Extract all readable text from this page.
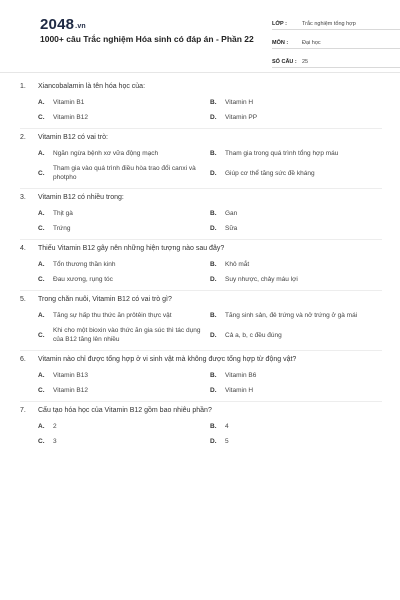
2048.vn
1000+ câu Trắc nghiệm Hóa sinh có đáp án - Phần 22
LỚP :	Trắc nghiệm tổng hợp
MÔN :	Đại học
SỐ CÂU : 25
1.	Xiancobalamin là tên hóa học của:
A.	Vitamin B1	B.	Vitamin H
C.	Vitamin B12	D.	Vitamin PP
2.	Vitamin B12 có vai trò:
A.	Ngăn ngừa bệnh xơ vữa động mạch	B.	Tham gia trong quá trình tổng hợp máu
C.
Tham gia vào quá trình điều hòa trao đổi canxi và photpho
D.	Giúp cơ thể tăng sức đề kháng
3.	Vitamin B12 có nhiều trong:
A.	Thịt gà	B.	Gan
C.	Trứng	D.	Sữa
4.	Thiếu Vitamin B12 gây nên những hiện tượng nào sau đây?
A.	Tổn thương thần kinh	B.	Khô mắt
C.	Đau xương, rụng tóc	D.	Suy nhược, chảy máu lợi
5.	Trong chăn nuôi, Vitamin B12 có vai trò gì?
A.	Tăng sự hấp thu thức ăn prôtêin thực vật	B.	Tăng sinh sản, đẻ trứng và nở trứng ở gà mái
C.
Khi cho một bioxin vào thức ăn gia súc thì tác dụng của B12 tăng lên nhiều
D.	Cả a, b, c đều đúng
6.	Vitamin nào chỉ được tổng hợp ở vi sinh vật mà không được tổng hợp từ động vật?
A.	Vitamin B13	B.	Vitamin B6
C.	Vitamin B12	D.	Vitamin H
7.	Cấu tạo hóa học của Vitamin B12 gồm bao nhiêu phần?
A.	2	B.	4
C.	3	D.	5
